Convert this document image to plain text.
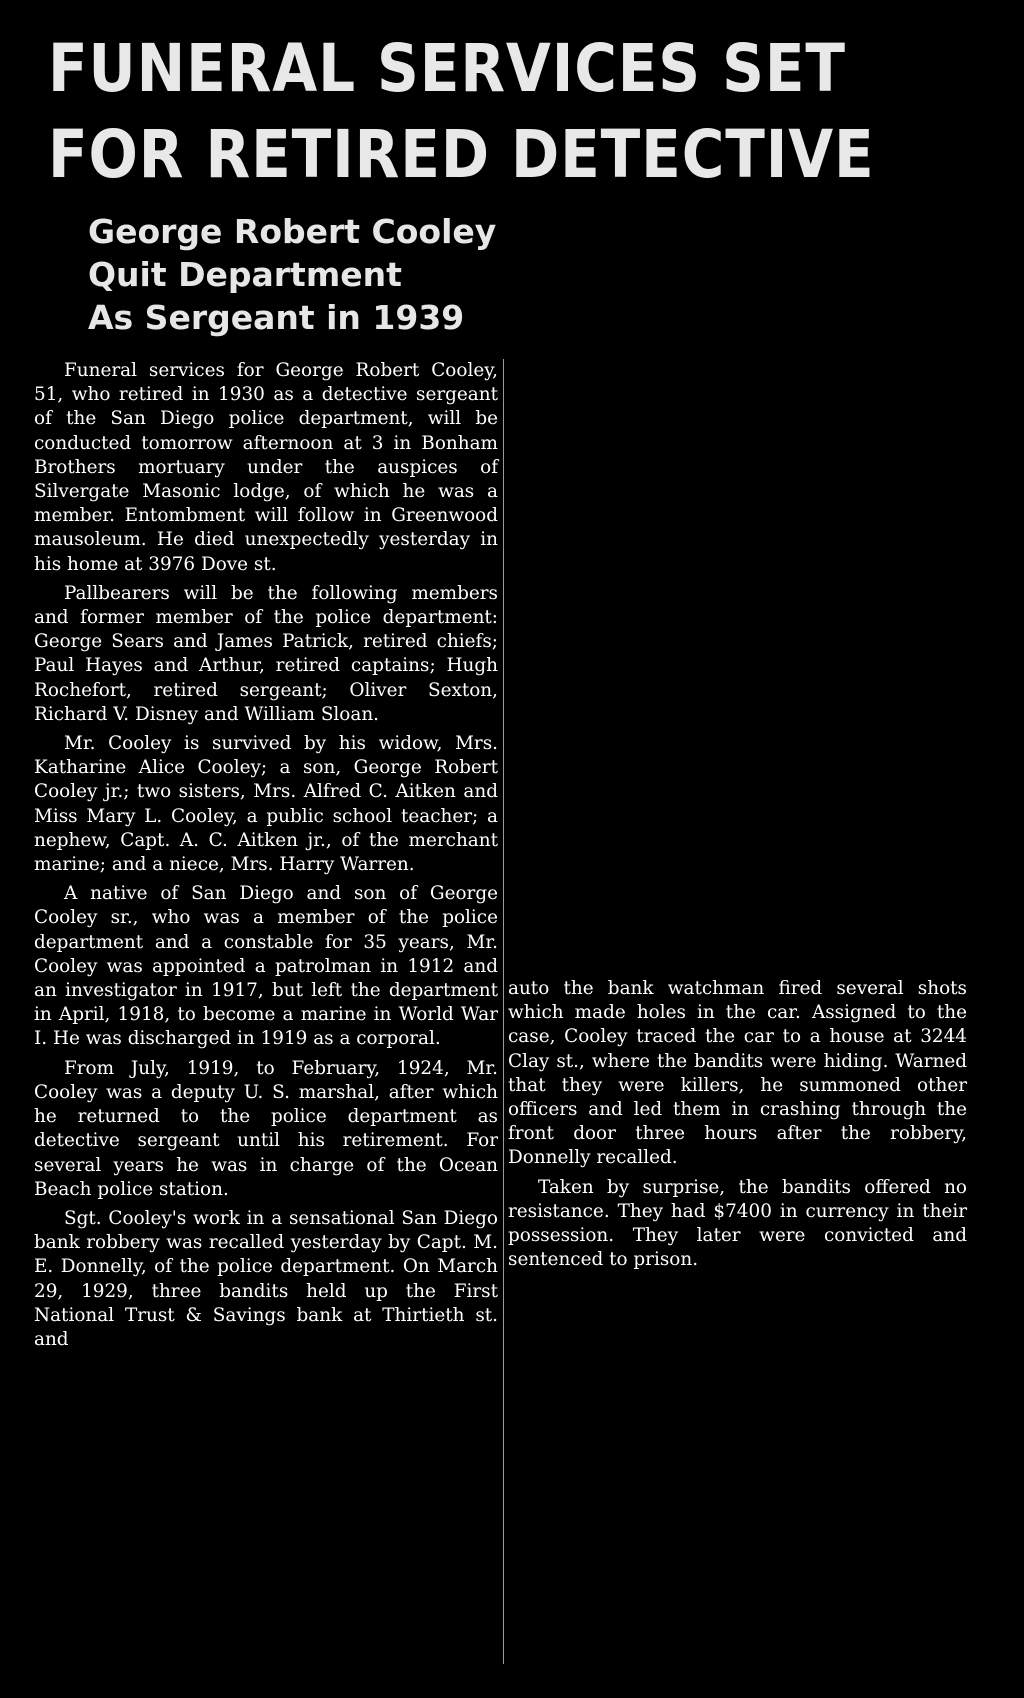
FUNERAL SERVICES SET
FOR RETIRED DETECTIVE
George Robert Cooley
Quit Department
As Sergeant in 1939

Funeral services for George Robert Cooley, 51, who retired in 1930 as a detective sergeant of the San Diego police department, will be conducted tomorrow afternoon at 3 in Bonham Brothers mortuary under the auspices of Silvergate Masonic lodge, of which he was a member. Entombment will follow in Greenwood mausoleum. He died unexpectedly yesterday in his home at 3976 Dove st.

Pallbearers will be the following members and former member of the police department: George Sears and James Patrick, retired chiefs; Paul Hayes and Arthur, retired captains; Hugh Rochefort, retired sergeant; Oliver Sexton, Richard V. Disney and William Sloan.

Mr. Cooley is survived by his widow, Mrs. Katharine Alice Cooley; a son, George Robert Cooley jr.; two sisters, Mrs. Alfred C. Aitken and Miss Mary L. Cooley, a public school teacher; a nephew, Capt. A. C. Aitken jr., of the merchant marine; and a niece, Mrs. Harry Warren.

A native of San Diego and son of George Cooley sr., who was a member of the police department and a constable for 35 years, Mr. Cooley was appointed a patrolman in 1912 and an investigator in 1917, but left the department in April, 1918, to become a marine in World War I. He was discharged in 1919 as a corporal.

From July, 1919, to February, 1924, Mr. Cooley was a deputy U. S. marshal, after which he returned to the police department as detective sergeant until his retirement. For several years he was in charge of the Ocean Beach police station.

Sgt. Cooley's work in a sensational San Diego bank robbery was recalled yesterday by Capt. M. E. Donnelly, of the police department. On March 29, 1929, three bandits held up the First National Trust & Savings bank at Thirtieth st. and

auto the bank watchman fired several shots which made holes in the car. Assigned to the case, Cooley traced the car to a house at 3244 Clay st., where the bandits were hiding. Warned that they were killers, he summoned other officers and led them in crashing through the front door three hours after the robbery, Donnelly recalled.

Taken by surprise, the bandits offered no resistance. They had $7400 in currency in their possession. They later were convicted and sentenced to prison.
